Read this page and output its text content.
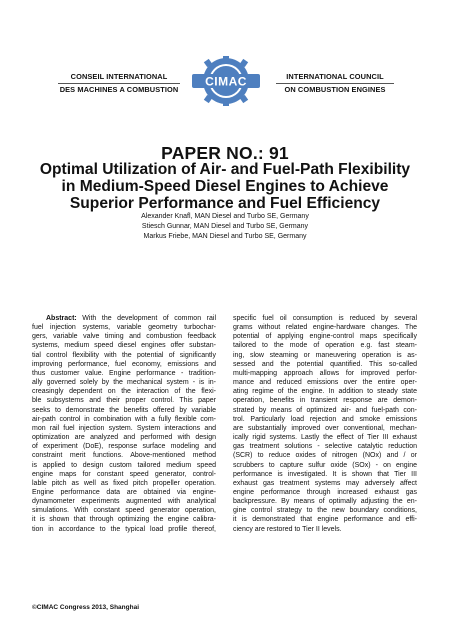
CONSEIL INTERNATIONAL
DES MACHINES A COMBUSTION
CIMAC	INTERNATIONAL COUNCIL
ON COMBUSTION ENGINES
PAPER NO.: 91
Optimal Utilization of Air- and Fuel-Path Flexibility
in Medium-Speed Diesel Engines to Achieve
Superior Performance and Fuel Efficiency
Alexander Knafl, MAN Diesel and Turbo SE, Germany
Stiesch Gunnar, MAN Diesel and Turbo SE, Germany
Markus Friebe, MAN Diesel and Turbo SE, Germany
Abstract: With the development of common rail
fuel injection systems, variable geometry turbochar-
gers, variable valve timing and combustion feedback
systems, medium speed diesel engines offer substan-
tial control flexibility with the potential of significantly
improving performance, fuel economy, emissions and
thus customer value. Engine performance - tradition-
ally governed solely by the mechanical system - is in-
creasingly dependent on the interaction of the flexi-
ble subsystems and their proper control. This paper
seeks to demonstrate the benefits offered by variable
air-path control in combination with a fully flexible com-
mon rail fuel injection system. System interactions and
optimization are analyzed and performed with design
of experiment (DoE), response surface modeling and
constraint merit functions. Above-mentioned method
is applied to design custom tailored medium speed
engine maps for constant speed generator, control-
lable pitch as well as fixed pitch propeller operation.
Engine performance data are obtained via engine-
dynamometer experiments augmented with analytical
simulations. With constant speed generator operation,
it is shown that through optimizing the engine calibra-
tion in accordance to the typical load profile thereof,
specific fuel oil consumption is reduced by several
grams without related engine-hardware changes. The
potential of applying engine-control maps specifically
tailored to the mode of operation e.g. fast steam-
ing, slow steaming or maneuvering operation is as-
sessed and the potential quantified. This so-called
multi-mapping approach allows for improved perfor-
mance and reduced emissions over the entire oper-
ating regime of the engine. In addition to steady state
operation, benefits in transient response are demon-
strated by means of optimized air- and fuel-path con-
trol. Particularly load rejection and smoke emissions
are substantially improved over conventional, mechan-
ically rigid systems. Lastly the effect of Tier III exhaust
gas treatment solutions - selective catalytic reduction
(SCR) to reduce oxides of nitrogen (NOx) and / or
scrubbers to capture sulfur oxide (SOx) - on engine
performance is investigated. It is shown that Tier III
exhaust gas treatment systems may adversely affect
engine performance through increased exhaust gas
backpressure. By means of optimally adjusting the en-
gine control strategy to the new boundary conditions,
it is demonstrated that engine performance and effi-
ciency are restored to Tier II levels.
©CIMAC Congress 2013, Shanghai
